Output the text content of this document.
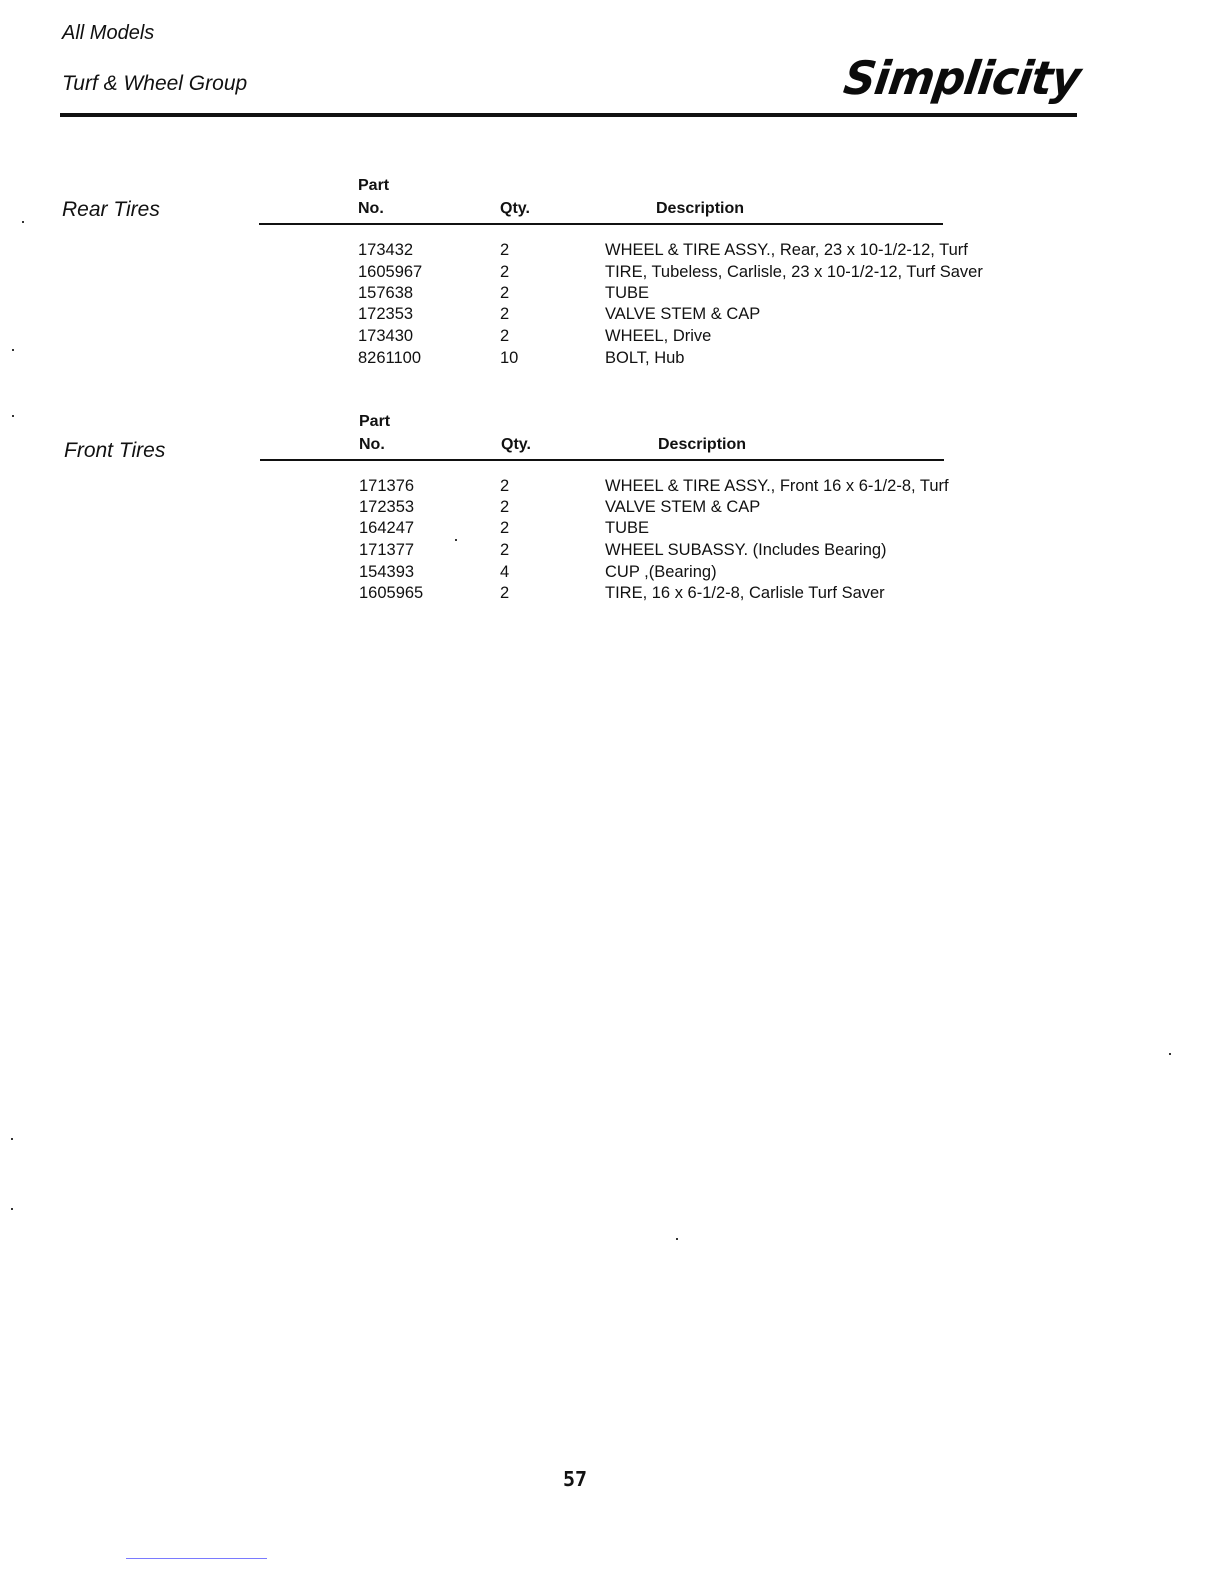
All Models
Turf & Wheel Group	Simplicity
Rear Tires
Part
No.	Qty.	Description
173432	2	WHEEL & TIRE ASSY., Rear, 23 x 10-1/2-12, Turf
1605967	2	TIRE, Tubeless, Carlisle, 23 x 10-1/2-12, Turf Saver
157638	2	TUBE
172353	2	VALVE STEM & CAP
173430	2	WHEEL, Drive
8261100	10	BOLT, Hub
Front Tires
Part
No.	Qty.	Description
171376	2	WHEEL & TIRE ASSY., Front 16 x 6-1/2-8, Turf
172353	2	VALVE STEM & CAP
164247	2	TUBE
171377	2	WHEEL SUBASSY. (Includes Bearing)
154393	4	CUP ,(Bearing)
1605965	2	TIRE, 16 x 6-1/2-8, Carlisle Turf Saver
57
